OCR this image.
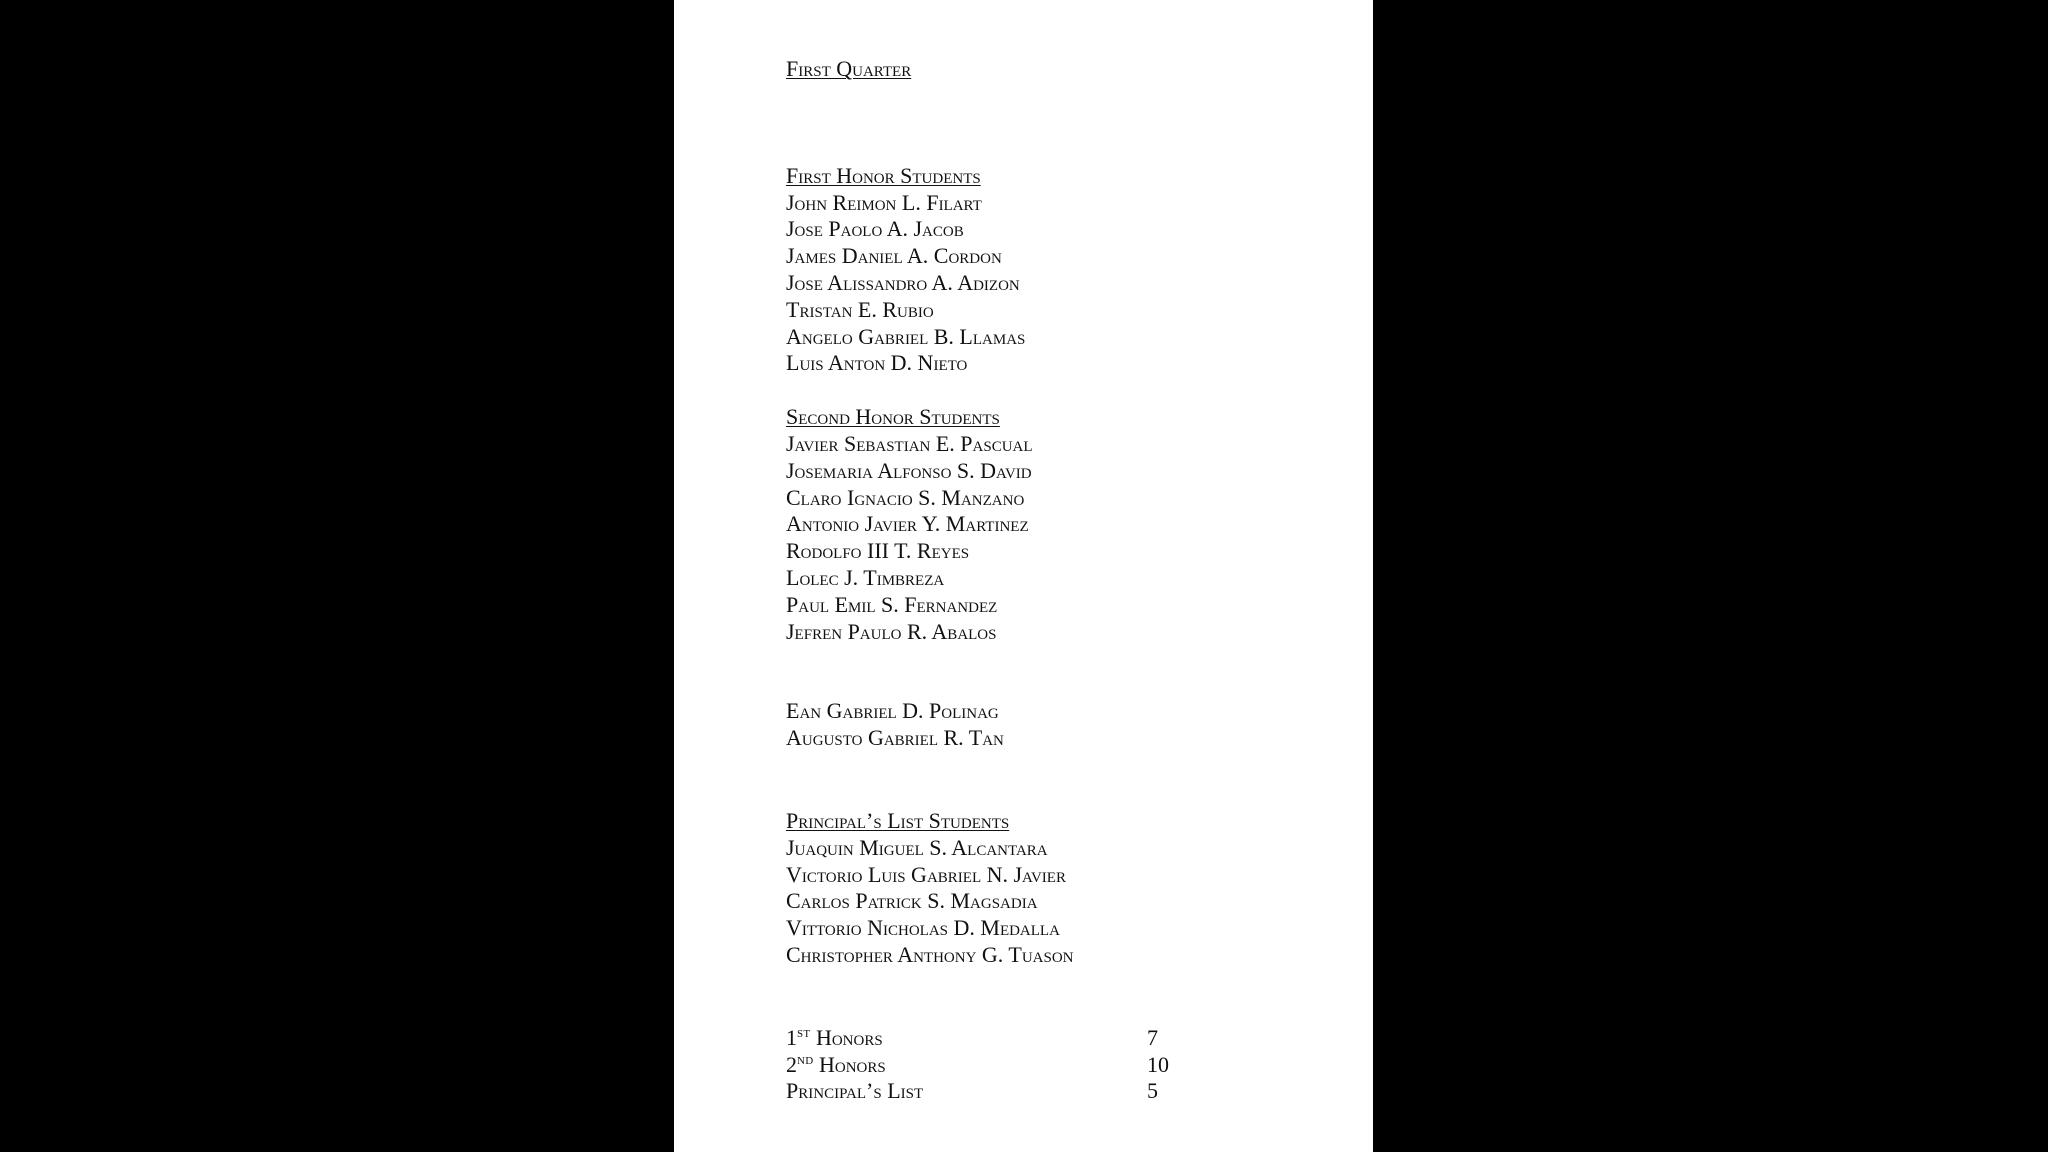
First Quarter
First Honor Students
John Reimon L. Filart
Jose Paolo A. Jacob
James Daniel A. Cordon
Jose Alissandro A. Adizon
Tristan E. Rubio
Angelo Gabriel B. Llamas
Luis Anton D. Nieto
Second Honor Students
Javier Sebastian E. Pascual
Josemaria Alfonso S. David
Claro Ignacio S. Manzano
Antonio Javier Y. Martinez
Rodolfo III T. Reyes
Lolec J. Timbreza
Paul Emil S. Fernandez
Jefren Paulo R. Abalos
Ean Gabriel D. Polinag
Augusto Gabriel R. Tan
Principal’s List Students
Juaquin Miguel S. Alcantara
Victorio Luis Gabriel N. Javier
Carlos Patrick S. Magsadia
Vittorio Nicholas D. Medalla
Christopher Anthony G. Tuason
1ST Honors	7
2ND Honors	10
Principal’s List	5
